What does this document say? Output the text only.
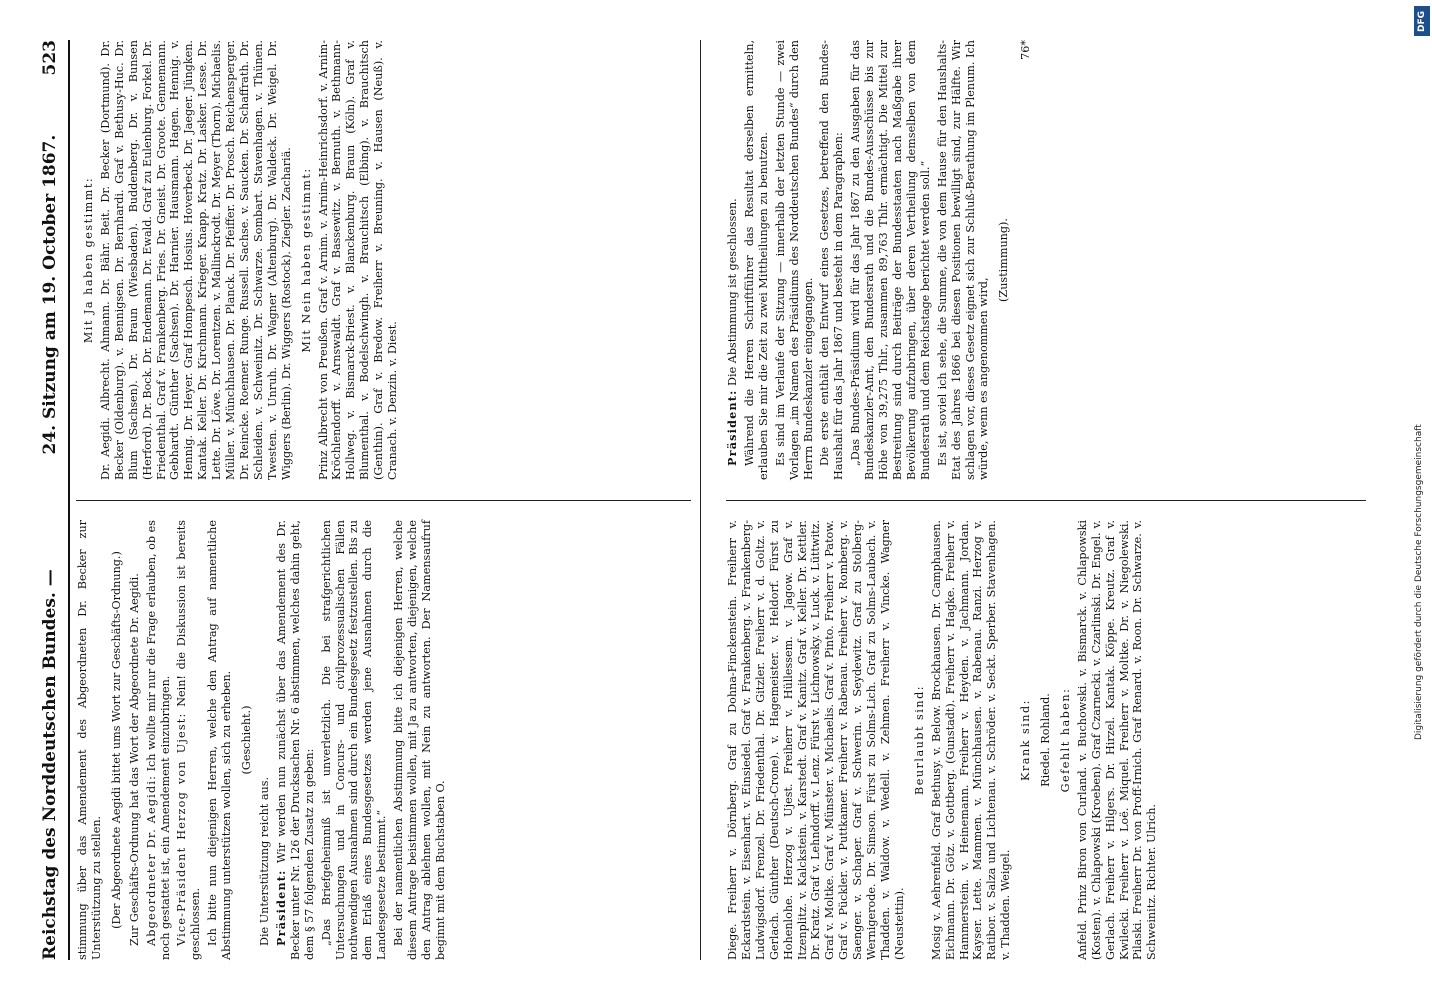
Reichstag des Norddeutschen Bundes. —
24. Sitzung am 19. October 1867.          523

stimmung über das Amendement des Abgeordneten Dr. Becker zur Unterstützung zu stellen. (Der Abgeordnete Aegidi bittet ums Wort zur Geschäfts-Ordnung.) Zur Geschäfts-Ordnung hat das Wort der Abgeordnete Dr. Aegidi. Abgeordneter Dr. Aegidi: Ich wollte mir nur die Frage erlauben, ob es noch gestattet ist, ein Amendement einzubringen. Vice-Präsident Herzog von Ujest: Nein! die Diskussion ist bereits geschlossen. Ich bitte nun diejenigen Herren, welche den Antrag auf namentliche Abstimmung unterstützen wollen, sich zu erheben. (Geschieht.)

Die Unterstützung reicht aus. Präsident: Wir werden nun zunächst über das Amendement des Dr. Becker unter Nr. 126 der Drucksachen Nr. 6 abstimmen, welches dahin geht, dem § 57 folgenden Zusatz zu geben: „Das Briefgeheimniß ist unverletzlich. Die bei strafgerichtlichen Untersuchungen und in Concurs- und civilprozessualischen Fällen nothwendigen Ausnahmen sind durch ein Bundesgesetz festzustellen. Bis zu dem Erlaß eines Bundesgesetzes werden jene Ausnahmen durch die Landesgesetze bestimmt.“ Bei der namentlichen Abstimmung bitte ich diejenigen Herren, welche diesem Antrage beistimmen wollen, mit Ja zu antworten, diejenigen, welche den Antrag ablehnen wollen, mit Nein zu antworten. Der Namensaufruf beginnt mit dem Buchstaben O.

Mit Ja haben gestimmt: Dr. Aegidi. Albrecht. Ahmann. Dr. Bähr. Beit. Dr. Becker (Dortmund). Dr. Becker (Oldenburg). v. Bennigsen. Dr. Bernhardi. Graf v. Bethusy-Huc. Dr. Blum (Sachsen). Dr. Braun (Wiesbaden). Buddenberg. Dr. v. Bunsen (Herford). Dr. Bock. Dr. Endemann. Dr. Ewald. Graf zu Eulenburg. Forkel. Dr. Friedenthal. Graf v. Frankenberg. Fries. Dr. Gneist. Dr. Groote. Gennemann. Gebhardt. Günther (Sachsen). Dr. Harnier. Hausmann. Hagen. Hennig. v. Hennig. Dr. Heyer. Graf Hompesch. Hosius. Hoverbeck. Dr. Jaeger. Jüngken. Kantak. Keller. Dr. Kirchmann. Krieger. Knapp. Kratz. Dr. Lasker. Lesse. Dr. Lette. Dr. Löwe. Dr. Lorentzen. v. Mallinckrodt. Dr. Meyer (Thorn). Michaelis. Müller. v. Münchhausen. Dr. Planck. Dr. Pfeiffer. Dr. Prosch. Reichensperger. Dr. Reincke. Roemer. Runge. Russell. Sachse. v. Saucken. Dr. Schaffrath. Dr. Schleiden. v. Schweinitz. Dr. Schwarze. Sombart. Stavenhagen. v. Thünen. Twesten. v. Unruh. Dr. Wagner (Altenburg). Dr. Waldeck. Dr. Weigel. Dr. Wiggers (Berlin). Dr. Wiggers (Rostock). Ziegler. Zachariä. Mit Nein haben gestimmt: Prinz Albrecht von Preußen. Graf v. Arnim. v. Arnim-Heinrichsdorf. v. Arnim-Kröchlendorff. v. Arnswaldt. Graf v. Bassewitz. v. Bernuth. v. Bethmann-Hollweg. v. Bismarck-Briest. v. Blanckenburg. Braun (Köln). Graf v. Blumenthal. v. Bodelschwingh. v. Brauchitsch (Elbing). v. Brauchitsch (Genthin). Graf v. Bredow. Freiherr v. Breuning. v. Hausen (Neuß). v. Cranach. v. Denzin. v. Diest.

Diege. Freiherr v. Dörnberg. Graf zu Dohna-Finckenstein. Freiherr v. Eckardstein. v. Eisenhart. v. Einsiedel. Graf v. Frankenberg. v. Frankenberg-Ludwigsdorf. Frenzel. Dr. Friedenthal. Dr. Gitzler. Freiherr v. d. Goltz. v. Gerlach. Günther (Deutsch-Crone). v. Hagemeister. v. Heldorf. Fürst zu Hohenlohe. Herzog v. Ujest. Freiherr v. Hüllessem. v. Jagow. Graf v. Itzenplitz. v. Kalckstein. v. Karstedt. Graf v. Kanitz. Graf v. Keller. Dr. Kettler. Dr. Kratz. Graf v. Lehndorff. v. Lenz. Fürst v. Lichnowsky. v. Luck. v. Lüttwitz. Graf v. Moltke. Graf v. Münster. v. Michaelis. Graf v. Pinto. Freiherr v. Patow. Graf v. Pückler. v. Puttkamer. Freiherr v. Rabenau. Freiherr v. Romberg. v. Saenger. v. Schaper. Graf v. Schwerin. v. Seydewitz. Graf zu Stolberg-Wernigerode. Dr. Simson. Fürst zu Solms-Lich. Graf zu Solms-Laubach. v. Thadden. v. Waldow. v. Wedell. v. Zehmen. Freiherr v. Vincke. Wagner (Neustettin).

Beurlaubt sind: Mosig v. Aehrenfeld. Graf Bethusy. v. Below. Brockhausen. Dr. Camphausen. Eichmann. Dr. Götz. v. Gottberg. (Gunstadt). Freiherr v. Hagke. Freiherr v. Hammerstein. v. Heinemann. Freiherr v. Heyden. v. Jachmann. Jordan. Kayser. Lette. Mammen. v. Münchhausen. v. Rabenau. Ranzi. Herzog v. Ratibor. v. Salza und Lichtenau. v. Schröder. v. Seckt. Sperber. Stavenhagen. v. Thadden. Weigel.

Krank sind: Riedel. Rohland. Gefehlt haben: Anfeld. Prinz Biron von Curland. v. Buchowski. v. Bismarck. v. Chlapowski (Kosten). v. Chlapowski (Kroeben). Graf Czarnecki. v. Czarlinski. Dr. Engel. v. Gerlach. Freiherr v. Hilgers. Dr. Hirzel. Kantak. Köppe. Kreutz. Graf v. Kwilecki. Freiherr v. Loë. Miquel. Freiherr v. Moltke. Dr. v. Niegolewski. Pilaski. Freiherr Dr. von Proff-Irnich. Graf Renard. v. Roon. Dr. Schwarze. v. Schweinitz. Richter. Ulrich.

Präsident: Die Abstimmung ist geschlossen. Während die Herren Schriftführer das Resultat derselben ermitteln, erlauben Sie mir die Zeit zu zwei Mittheilungen zu benutzen. Es sind im Verlaufe der Sitzung — innerhalb der letzten Stunde — zwei Vorlagen „im Namen des Präsidiums des Norddeutschen Bundes“ durch den Herrn Bundeskanzler eingegangen. Die erste enthält den Entwurf eines Gesetzes, betreffend den Bundes-Haushalt für das Jahr 1867 und besteht in dem Paragraphen: „Das Bundes-Präsidium wird für das Jahr 1867 zu den Ausgaben für das Bundeskanzler-Amt, den Bundesrath und die Bundes-Ausschüsse bis zur Höhe von 39,275 Thlr., zusammen 89,763 Thlr. ermächtigt. Die Mittel zur Bestreitung sind durch Beiträge der Bundesstaaten nach Maßgabe ihrer Bevölkerung aufzubringen, über deren Vertheilung demselben von dem Bundesrath und dem Reichstage berichtet werden soll.“ Es ist, soviel ich sehe, die Summe, die von dem Hause für den Haushalts-Etat des Jahres 1866 bei diesen Positionen bewilligt sind, zur Hälfte. Wir schlagen vor, dieses Gesetz eignet sich zur Schluß-Berathung im Plenum. Ich würde, wenn es angenommen wird,

(Zustimmung).

76*

DFG
Digitalisierung gefördert durch die Deutsche Forschungsgemeinschaft
